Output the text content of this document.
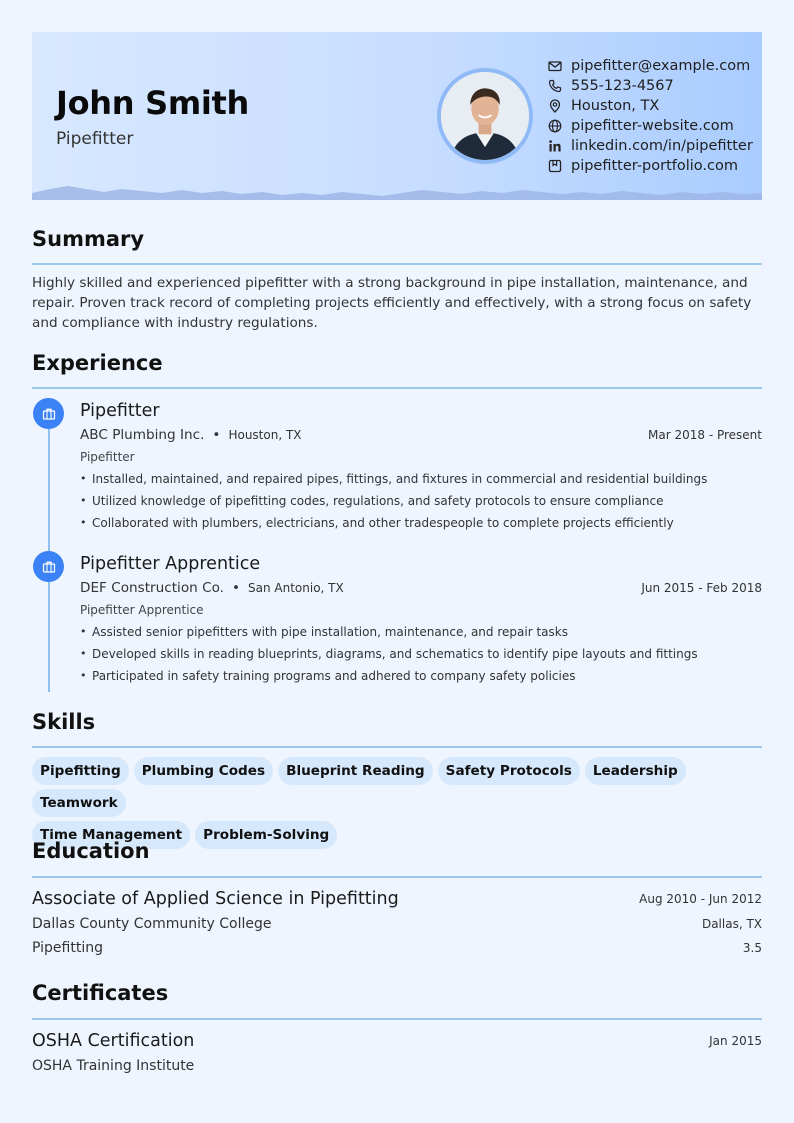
John Smith
Pipefitter
pipefitter@example.com
555-123-4567
Houston, TX
pipefitter-website.com
linkedin.com/in/pipefitter
pipefitter-portfolio.com
Summary
Highly skilled and experienced pipefitter with a strong background in pipe installation, maintenance, and repair. Proven track record of completing projects efficiently and effectively, with a strong focus on safety and compliance with industry regulations.
Experience
Pipefitter
ABC Plumbing Inc. • Houston, TX	Mar 2018 - Present
Pipefitter
• Installed, maintained, and repaired pipes, fittings, and fixtures in commercial and residential buildings
• Utilized knowledge of pipefitting codes, regulations, and safety protocols to ensure compliance
• Collaborated with plumbers, electricians, and other tradespeople to complete projects efficiently
Pipefitter Apprentice
DEF Construction Co. • San Antonio, TX	Jun 2015 - Feb 2018
Pipefitter Apprentice
• Assisted senior pipefitters with pipe installation, maintenance, and repair tasks
• Developed skills in reading blueprints, diagrams, and schematics to identify pipe layouts and fittings
• Participated in safety training programs and adhered to company safety policies
Skills
Pipefitting Plumbing Codes Blueprint Reading Safety Protocols LeadershipTeamwork
Time Management Problem-Solving
Education
Associate of Applied Science in Pipefitting	Aug 2010 - Jun 2012
Dallas County Community College	Dallas, TX
Pipefitting	3.5
Certificates
OSHA Certification	Jan 2015
OSHA Training Institute
